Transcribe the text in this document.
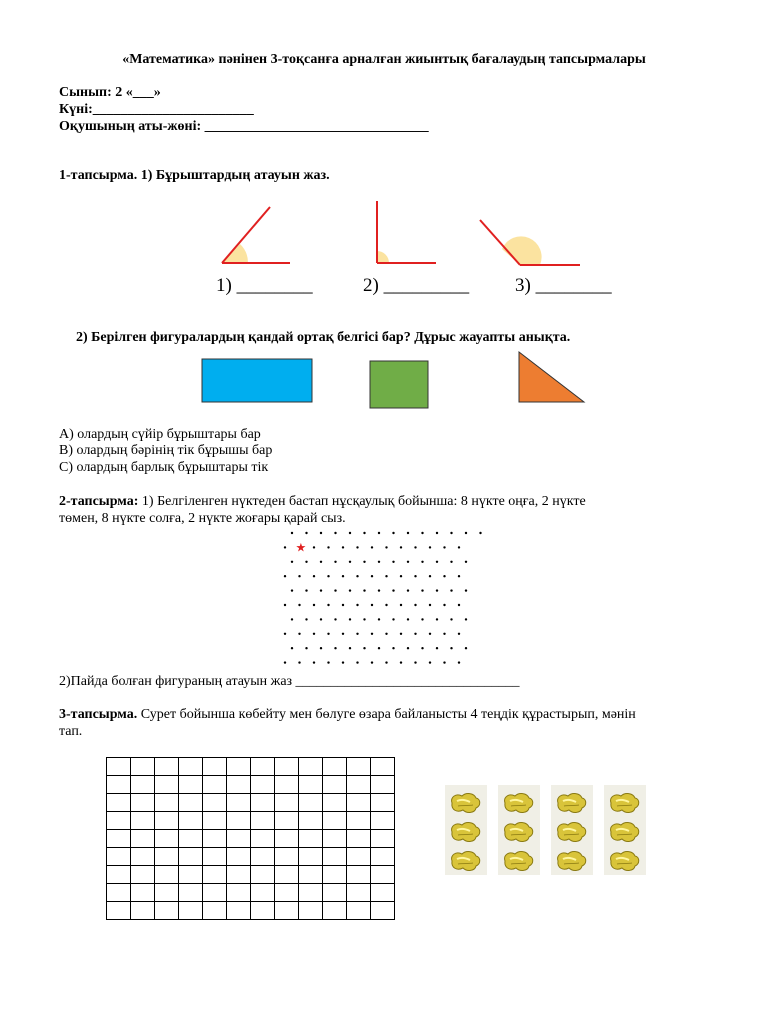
«Математика» пәнінен 3-тоқсанға арналған жиынтық бағалаудың тапсырмалары
Сынып: 2 «___»
Күні:_______________________
Оқушының аты-жөні: ________________________________
1-тапсырма. 1) Бұрыштардың атауын жаз.
1) ________	2) _________ 3) ________
2) Берілген фигуралардың қандай ортақ белгісі бар? Дұрыс жауапты анықта.
А) олардың сүйір бұрыштары бар
В) олардың бәрінің тік бұрышы бар
С) олардың барлық бұрыштары тік
2-тапсырма: 1) Белгіленген нүктеден бастап нұсқаулық бойынша: 8 нүкте оңға, 2 нүкте
төмен, 8 нүкте солға, 2 нүкте жоғары қарай сыз.
★
2)Пайда болған фигураның атауын жаз ________________________________
3-тапсырма. Сурет бойынша көбейту мен бөлуге өзара байланысты 4 теңдік құрастырып, мәнін
тап.
